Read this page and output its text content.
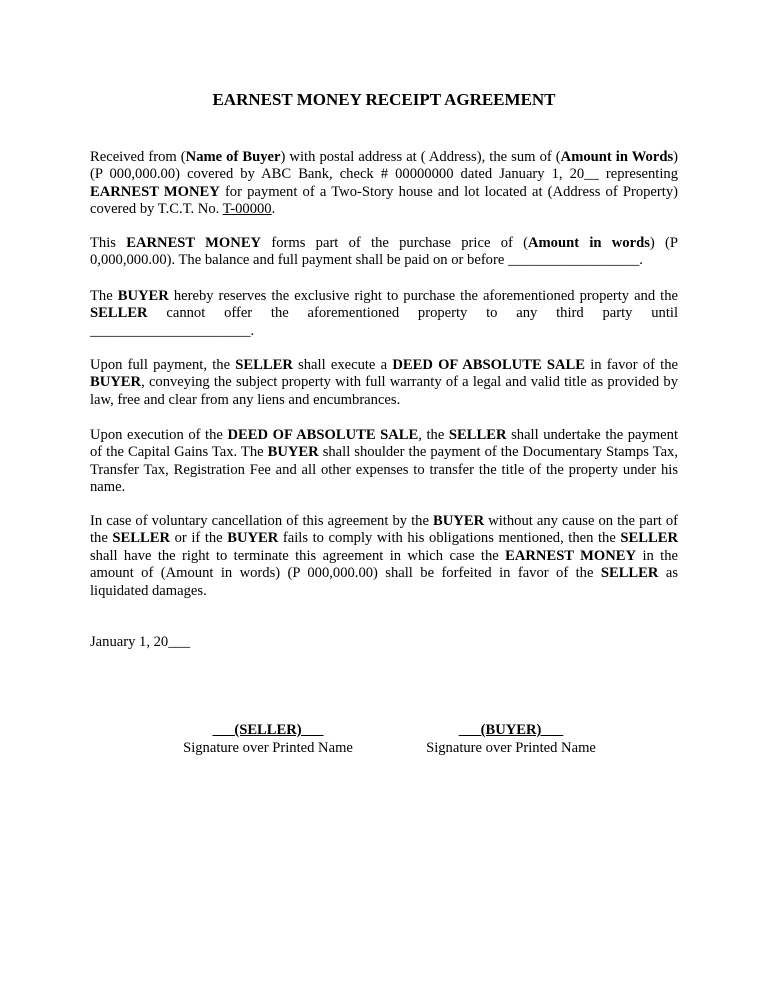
EARNEST MONEY RECEIPT AGREEMENT

Received from (Name of Buyer) with postal address at ( Address), the sum of (Amount in Words) (P 000,000.00) covered by ABC Bank, check # 00000000 dated January 1, 20__ representing EARNEST MONEY for payment of a Two-Story house and lot located at (Address of Property) covered by T.C.T. No. T-00000.

This EARNEST MONEY forms part of the purchase price of (Amount in words) (P 0,000,000.00). The balance and full payment shall be paid on or before __________________.

The BUYER hereby reserves the exclusive right to purchase the aforementioned property and the SELLER cannot offer the aforementioned property to any third party until ______________________.

Upon full payment, the SELLER shall execute a DEED OF ABSOLUTE SALE in favor of the BUYER, conveying the subject property with full warranty of a legal and valid title as provided by law, free and clear from any liens and encumbrances.

Upon execution of the DEED OF ABSOLUTE SALE, the SELLER shall undertake the payment of the Capital Gains Tax. The BUYER shall shoulder the payment of the Documentary Stamps Tax, Transfer Tax, Registration Fee and all other expenses to transfer the title of the property under his name.

In case of voluntary cancellation of this agreement by the BUYER without any cause on the part of the SELLER or if the BUYER fails to comply with his obligations mentioned, then the SELLER shall have the right to terminate this agreement in which case the EARNEST MONEY in the amount of (Amount in words) (P 000,000.00) shall be forfeited in favor of the SELLER as liquidated damages.

January 1, 20___

(SELLER)
Signature over Printed Name
(BUYER)
Signature over Printed Name
